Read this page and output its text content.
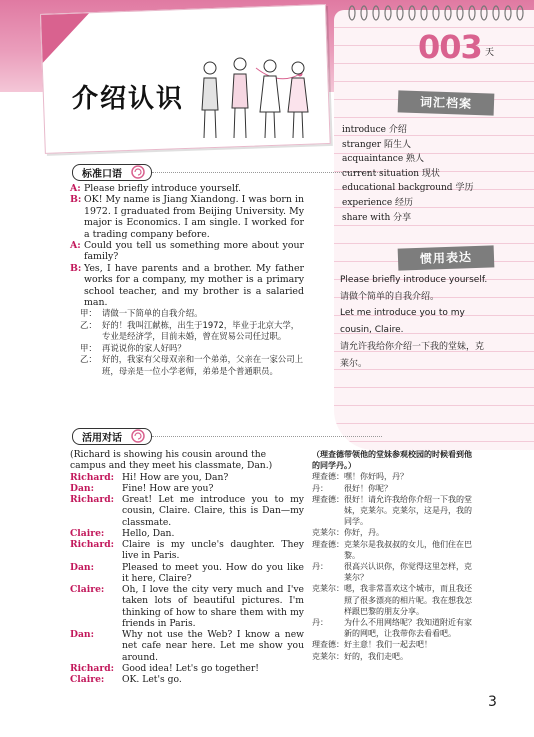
介绍认识
003 天
词汇档案
introduce 介绍
stranger 陌生人
acquaintance 熟人
current situation 现状
educational background 学历
experience 经历
share with 分享
惯用表达
Please briefly introduce yourself.
请做个简单的自我介绍。
Let me introduce you to my cousin, Claire.
请允许我给你介绍一下我的堂妹，克莱尔。
标准口语
A: Please briefly introduce yourself.
B: OK! My name is Jiang Xiandong. I was born in 1972. I graduated from Beijing University. My major is Economics. I am single. I worked for a trading company before.
A: Could you tell us something more about your family?
B: Yes, I have parents and a brother. My father works for a company, my mother is a primary school teacher, and my brother is a salaried man.
甲： 请做一下简单的自我介绍。
乙： 好的！我叫江献栋，出生于1972，毕业于北京大学，专业是经济学，目前未婚，曾在贸易公司任过职。
甲： 再说说你的家人好吗？
乙： 好的，我家有父母双亲和一个弟弟，父亲在一家公司上班，母亲是一位小学老师，弟弟是个普通职员。
活用对话
(Richard is showing his cousin around the campus and they meet his classmate, Dan.)
Richard: Hi! How are you, Dan?
Dan:	Fine! How are you?
Richard: Great! Let me introduce you to my cousin, Claire. Claire, this is Dan—my classmate.
Claire:	Hello, Dan.
Richard: Claire is my uncle's daughter. They live in Paris.
Dan:	Pleased to meet you. How do you like it here, Claire?
Claire:	Oh, I love the city very much and I've taken lots of beautiful pictures. I'm thinking of how to share them with my friends in Paris.
Dan:	Why not use the Web? I know a new net cafe near here. Let me show you around.
Richard: Good idea! Let's go together!
Claire:	OK. Let's go.
（理查德带领他的堂妹参观校园的时候看到他的同学丹。）
理查德： 嘿！你好吗，丹？
丹：	很好！你呢？
理查德： 很好！请允许我给你介绍一下我的堂妹，克莱尔。克莱尔，这是丹，我的同学。
克莱尔： 你好，丹。
理查德： 克莱尔是我叔叔的女儿，他们住在巴黎。
丹：	很高兴认识你，你觉得这里怎样，克莱尔？
克莱尔： 嗯，我非常喜欢这个城市，而且我还照了很多漂亮的相片呢。我在想我怎样跟巴黎的朋友分享。
丹：	为什么不用网络呢？我知道附近有家新的网吧，让我带你去看看吧。
理查德： 好主意！我们一起去吧！
克莱尔： 好的，我们走吧。
3
